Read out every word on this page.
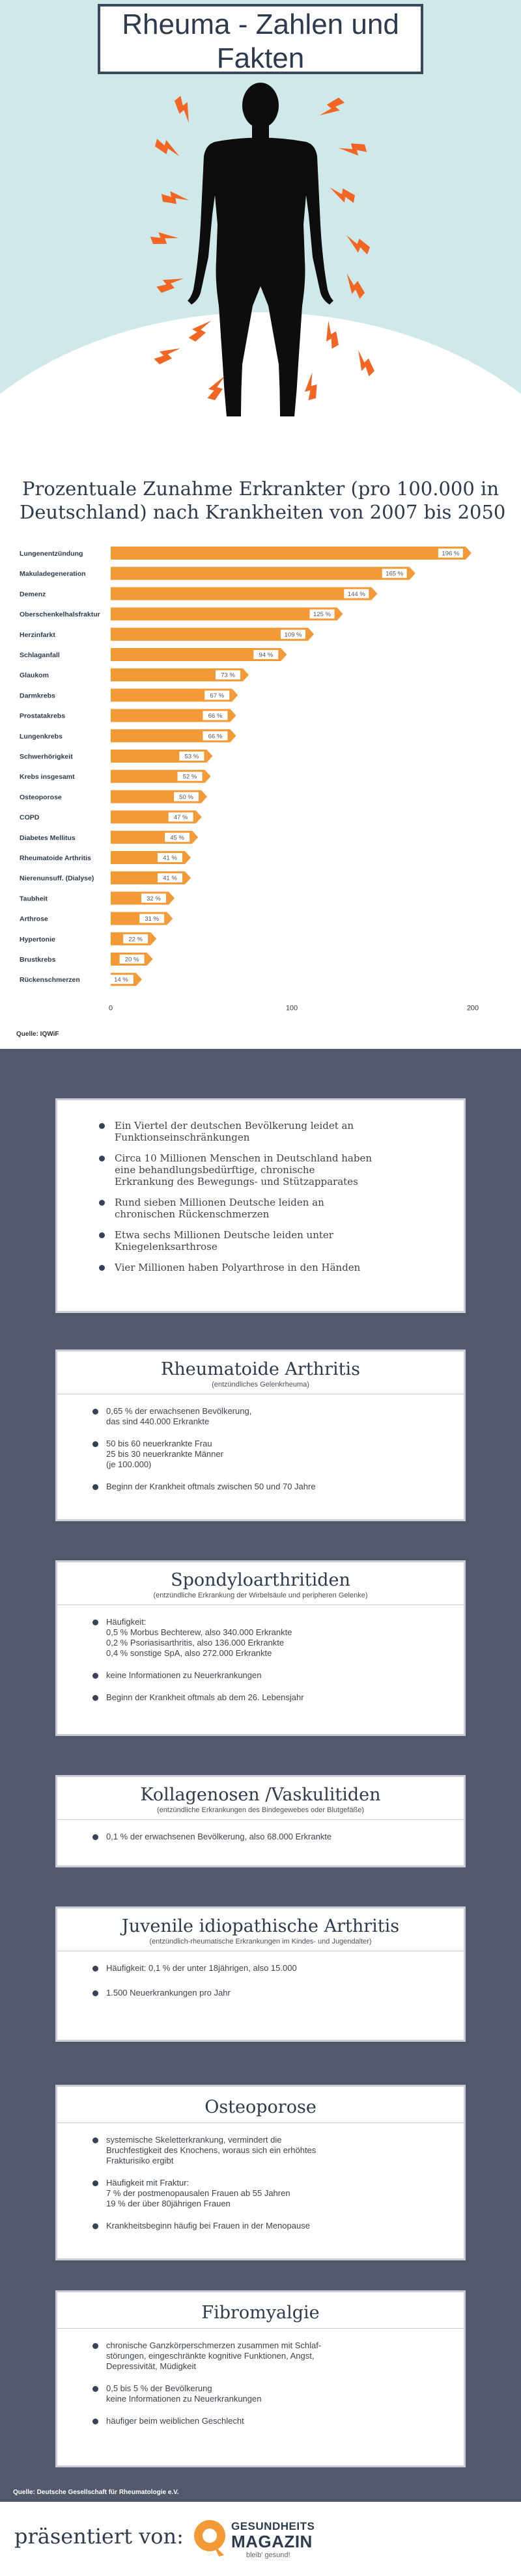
Rheuma - Zahlen und
Fakten
Prozentuale Zunahme Erkrankter (pro 100.000 in
Deutschland) nach Krankheiten von 2007 bis 2050
Lungenentzündung	196 %
Makuladegeneration	165 %
Demenz	144 %
Oberschenkelhalsfraktur	125 %
Herzinfarkt	109 %
Schlaganfall	94 %
Glaukom	73 %
Darmkrebs	67 %
Prostatakrebs	66 %
Lungenkrebs	66 %
Schwerhörigkeit	53 %
Krebs insgesamt	52 %
Osteoporose	50 %
COPD	47 %
Diabetes Mellitus	45 %
Rheumatoide Arthritis	41 %
Nierenunsuff. (Dialyse)	41 %
Taubheit	32 %
Arthrose	31 %
Hypertonie	22 %
Brustkrebs	20 %
Rückenschmerzen	14 %
0	100	200
Quelle: IQWiF
Ein Viertel der deutschen Bevölkerung leidet an
Funktionseinschränkungen
Circa 10 Millionen Menschen in Deutschland haben
eine behandlungsbedürftige, chronische
Erkrankung des Bewegungs- und Stützapparates
Rund sieben Millionen Deutsche leiden an
chronischen Rückenschmerzen
Etwa sechs Millionen Deutsche leiden unter
Kniegelenksarthrose
Vier Millionen haben Polyarthrose in den Händen
Rheumatoide Arthritis
(entzündliches Gelenkrheuma)
0,65 % der erwachsenen Bevölkerung,
das sind 440.000 Erkrankte
50 bis 60 neuerkrankte Frau
25 bis 30 neuerkrankte Männer
(je 100.000)
Beginn der Krankheit oftmals zwischen 50 und 70 Jahre
Spondyloarthritiden
(entzündliche Erkrankung der Wirbelsäule und peripheren Gelenke)
Häufigkeit:
0,5 % Morbus Bechterew, also 340.000 Erkrankte
0,2 % Psoriasisarthritis, also 136.000 Erkrankte
0,4 % sonstige SpA, also 272.000 Erkrankte
keine Informationen zu Neuerkrankungen
Beginn der Krankheit oftmals ab dem 26. Lebensjahr
Kollagenosen /Vaskulitiden
(entzündliche Erkrankungen des Bindegewebes oder Blutgefäße)
0,1 % der erwachsenen Bevölkerung, also 68.000 Erkrankte
Juvenile idiopathische Arthritis
(entzündlich-rheumatische Erkrankungen im Kindes- und Jugendalter)
Häufigkeit: 0,1 % der unter 18jährigen, also 15.000
1.500 Neuerkrankungen pro Jahr
Osteoporose
systemische Skeletterkrankung, vermindert die
Bruchfestigkeit des Knochens, woraus sich ein erhöhtes
Frakturisiko ergibt
Häufigkeit mit Fraktur:
7 % der postmenopausalen Frauen ab 55 Jahren
19 % der über 80jährigen Frauen
Krankheitsbeginn häufig bei Frauen in der Menopause
Fibromyalgie
chronische Ganzkörperschmerzen zusammen mit Schlaf-
störungen, eingeschränkte kognitive Funktionen, Angst,
Depressivität, Müdigkeit
0,5 bis 5 % der Bevölkerung
keine Informationen zu Neuerkrankungen
häufiger beim weiblichen Geschlecht
Quelle: Deutsche Gesellschaft für Rheumatologie e.V.
präsentiert von:	GESUNDHEITS
MAGAZIN
bleib' gesund!
